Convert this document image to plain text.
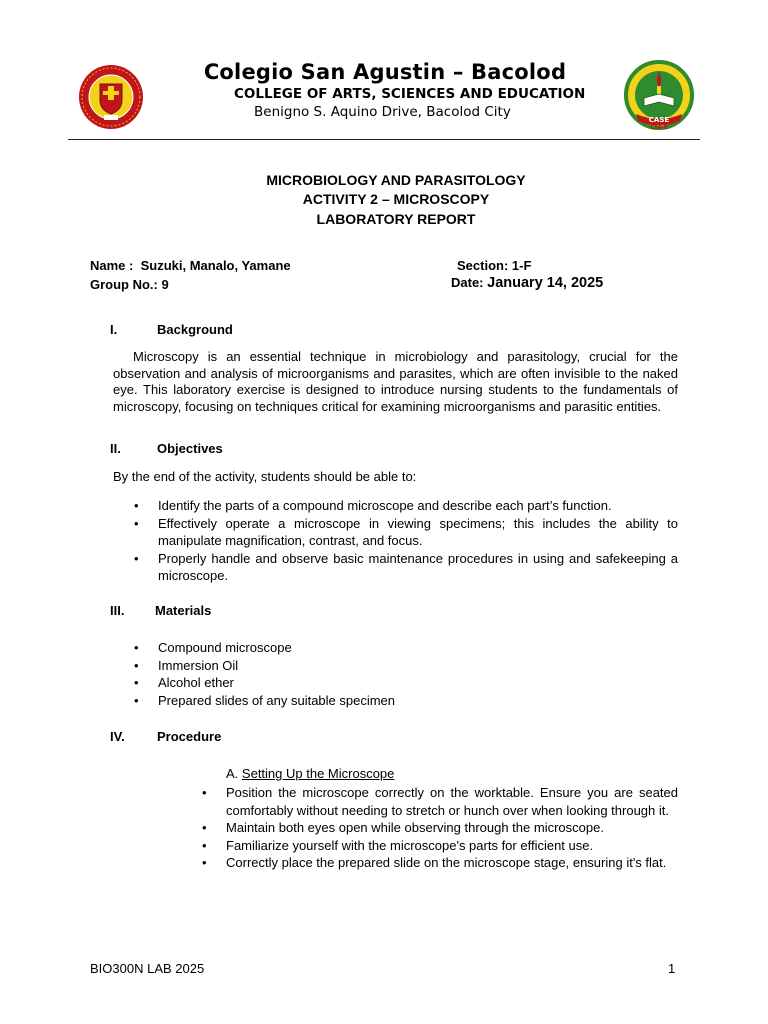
Colegio San Agustin – Bacolod
COLLEGE OF ARTS, SCIENCES AND EDUCATION
Benigno S. Aquino Drive, Bacolod City	CASE
CSA-B
MICROBIOLOGY AND PARASITOLOGY
ACTIVITY 2 – MICROSCOPY
LABORATORY REPORT
Name : Suzuki, Manalo, Yamane	Section: 1-F
Group No.: 9	Date: January 14, 2025
I.	Background
Microscopy is an essential technique in microbiology and parasitology, crucial for the observation and analysis of microorganisms and parasites, which are often invisible to the naked eye. This laboratory exercise is designed to introduce nursing students to the fundamentals of microscopy, focusing on techniques critical for examining microorganisms and parasitic entities.
II.	Objectives
By the end of the activity, students should be able to:
• Identify the parts of a compound microscope and describe each part’s function.
• Effectively operate a microscope in viewing specimens; this includes the ability to manipulate magnification, contrast, and focus.
• Properly handle and observe basic maintenance procedures in using and safekeeping a microscope.
III. Materials
• Compound microscope
• Immersion Oil
• Alcohol ether
• Prepared slides of any suitable specimen
IV. Procedure
A. Setting Up the Microscope
• Position the microscope correctly on the worktable. Ensure you are seated comfortably without needing to stretch or hunch over when looking through it.
• Maintain both eyes open while observing through the microscope.
• Familiarize yourself with the microscope's parts for efficient use.
• Correctly place the prepared slide on the microscope stage, ensuring it's flat.
BIO300N LAB 2025	1
